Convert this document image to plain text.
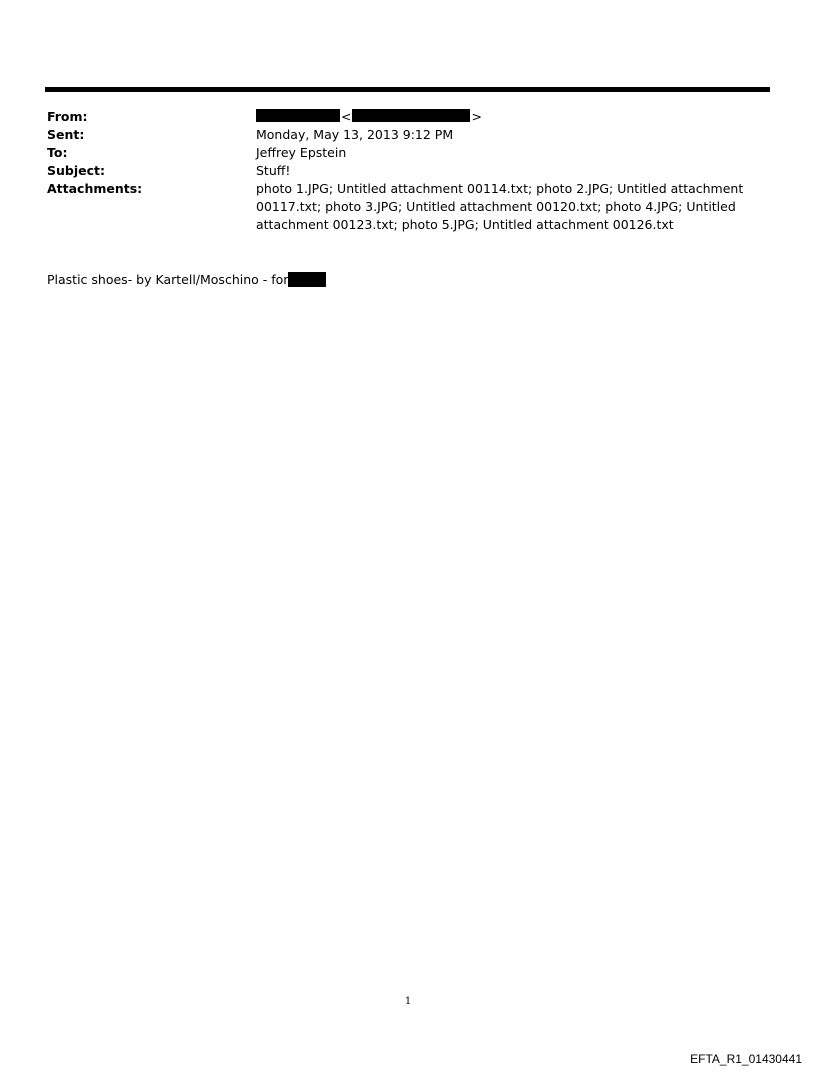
From:	<	>
Sent:	Monday, May 13, 2013 9:12 PM
To:	Jeffrey Epstein
Subject:	Stuff!
Attachments:	photo 1.JPG; Untitled attachment 00114.txt; photo 2.JPG; Untitled attachment 00117.txt; photo 3.JPG; Untitled attachment 00120.txt; photo 4.JPG; Untitled attachment 00123.txt; photo 5.JPG; Untitled attachment 00126.txt
Plastic shoes- by Kartell/Moschino - for
1
EFTA_R1_01430441
